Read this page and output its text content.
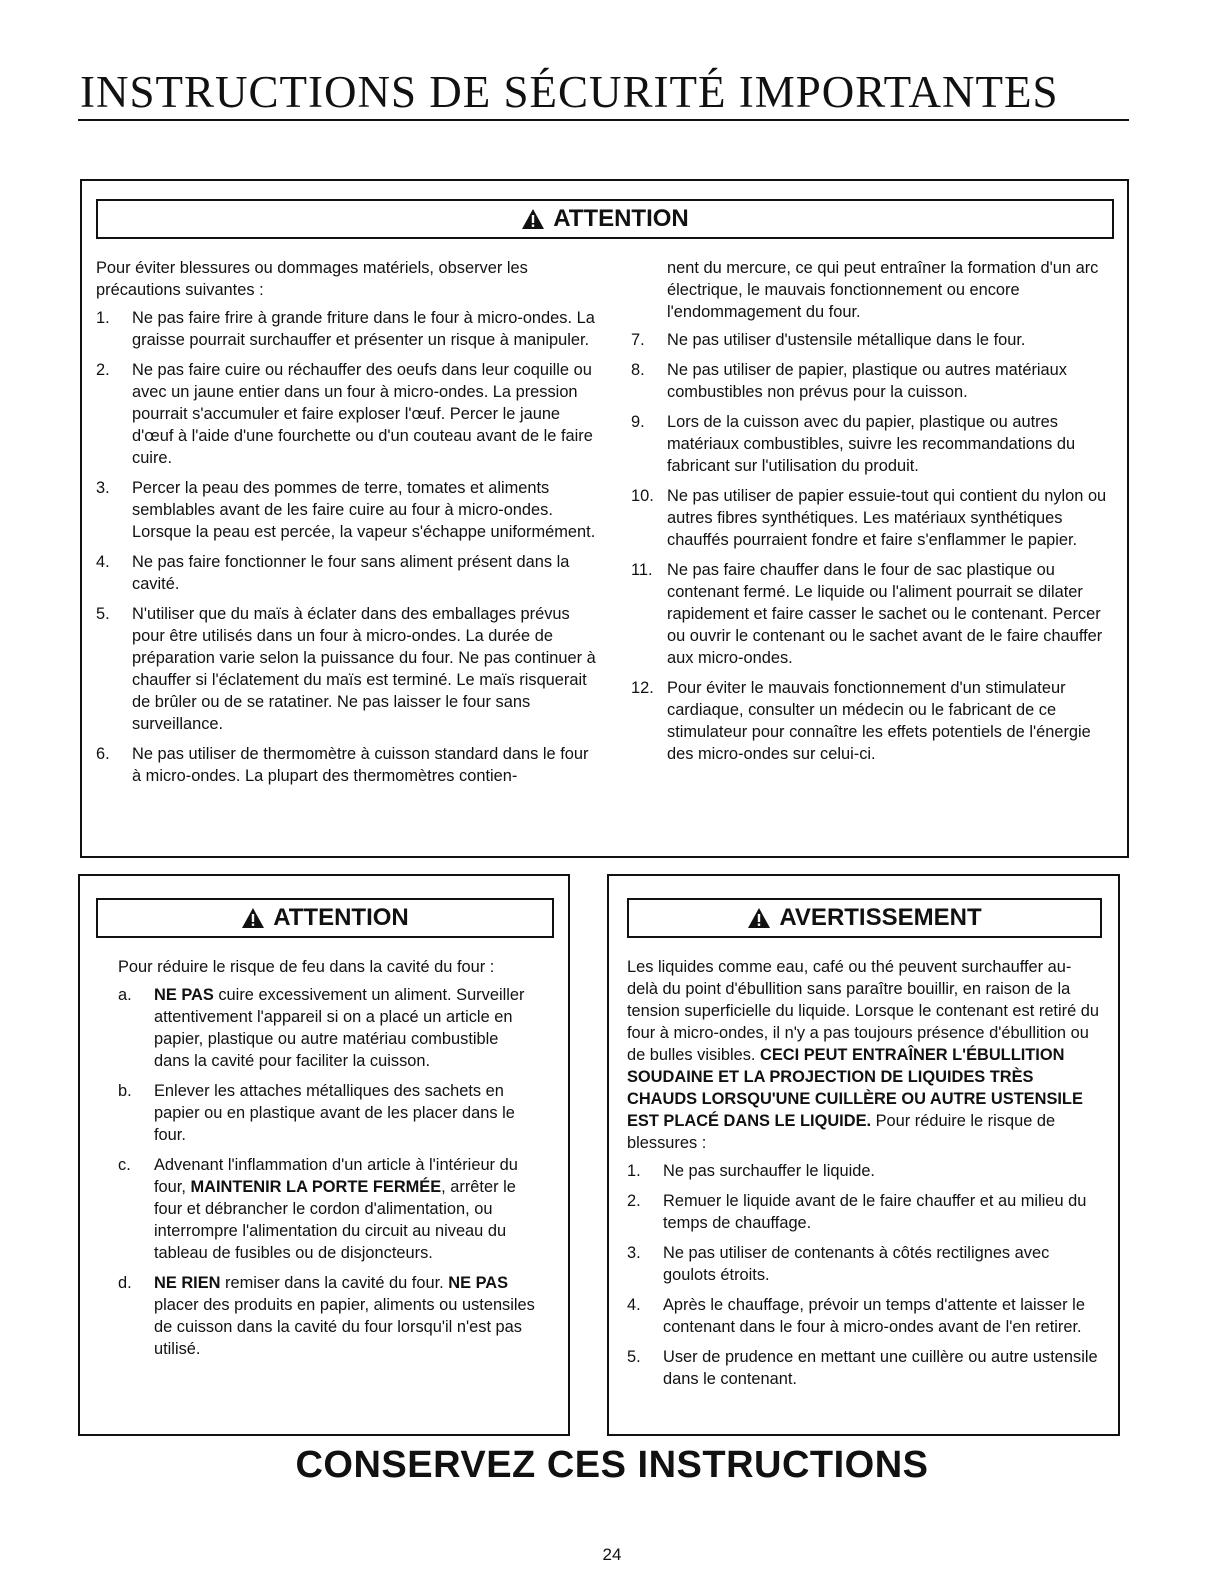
INSTRUCTIONS DE SÉCURITÉ IMPORTANTES
ATTENTION

Pour éviter blessures ou dommages matériels, observer les précautions suivantes :

1. Ne pas faire frire à grande friture dans le four à micro-ondes. La graisse pourrait surchauffer et présenter un risque à manipuler.
2. Ne pas faire cuire ou réchauffer des oeufs dans leur coquille ou avec un jaune entier dans un four à micro-ondes. La pression pourrait s'accumuler et faire exploser l'œuf. Percer le jaune d'œuf à l'aide d'une fourchette ou d'un couteau avant de le faire cuire.
3. Percer la peau des pommes de terre, tomates et aliments semblables avant de les faire cuire au four à micro-ondes. Lorsque la peau est percée, la vapeur s'échappe uniformément.
4. Ne pas faire fonctionner le four sans aliment présent dans la cavité.
5. N'utiliser que du maïs à éclater dans des emballages prévus pour être utilisés dans un four à micro-ondes. La durée de préparation varie selon la puissance du four. Ne pas continuer à chauffer si l'éclatement du maïs est terminé. Le maïs risquerait de brûler ou de se ratatiner. Ne pas laisser le four sans surveillance.
6. Ne pas utiliser de thermomètre à cuisson standard dans le four à micro-ondes. La plupart des thermomètres contien-

nent du mercure, ce qui peut entraîner la formation d'un arc électrique, le mauvais fonctionnement ou encore l'endommagement du four.

7. Ne pas utiliser d'ustensile métallique dans le four.
8. Ne pas utiliser de papier, plastique ou autres matériaux combustibles non prévus pour la cuisson.
9. Lors de la cuisson avec du papier, plastique ou autres matériaux combustibles, suivre les recommandations du fabricant sur l'utilisation du produit.
10. Ne pas utiliser de papier essuie-tout qui contient du nylon ou autres fibres synthétiques. Les matériaux synthétiques chauffés pourraient fondre et faire s'enflammer le papier.
11. Ne pas faire chauffer dans le four de sac plastique ou contenant fermé. Le liquide ou l'aliment pourrait se dilater rapidement et faire casser le sachet ou le contenant. Percer ou ouvrir le contenant ou le sachet avant de le faire chauffer aux micro-ondes.
12. Pour éviter le mauvais fonctionnement d'un stimulateur cardiaque, consulter un médecin ou le fabricant de ce stimulateur pour connaître les effets potentiels de l'énergie des micro-ondes sur celui-ci.
ATTENTION

Pour réduire le risque de feu dans la cavité du four :

a. NE PAS cuire excessivement un aliment. Surveiller attentivement l'appareil si on a placé un article en papier, plastique ou autre matériau combustible dans la cavité pour faciliter la cuisson.
b. Enlever les attaches métalliques des sachets en papier ou en plastique avant de les placer dans le four.
c. Advenant l'inflammation d'un article à l'intérieur du four, MAINTENIR LA PORTE FERMÉE, arrêter le four et débrancher le cordon d'alimentation, ou interrompre l'alimentation du circuit au niveau du tableau de fusibles ou de disjoncteurs.
d. NE RIEN remiser dans la cavité du four. NE PAS placer des produits en papier, aliments ou ustensiles de cuisson dans la cavité du four lorsqu'il n'est pas utilisé.
AVERTISSEMENT

Les liquides comme eau, café ou thé peuvent surchauffer au-delà du point d'ébullition sans paraître bouillir, en raison de la tension superficielle du liquide. Lorsque le contenant est retiré du four à micro-ondes, il n'y a pas toujours présence d'ébullition ou de bulles visibles. CECI PEUT ENTRAÎNER L'ÉBULLITION SOUDAINE ET LA PROJECTION DE LIQUIDES TRÈS CHAUDS LORSQU'UNE CUILLÈRE OU AUTRE USTENSILE EST PLACÉ DANS LE LIQUIDE. Pour réduire le risque de blessures :

1. Ne pas surchauffer le liquide.
2. Remuer le liquide avant de le faire chauffer et au milieu du temps de chauffage.
3. Ne pas utiliser de contenants à côtés rectilignes avec goulots étroits.
4. Après le chauffage, prévoir un temps d'attente et laisser le contenant dans le four à micro-ondes avant de l'en retirer.
5. User de prudence en mettant une cuillère ou autre ustensile dans le contenant.
CONSERVEZ CES INSTRUCTIONS
24
